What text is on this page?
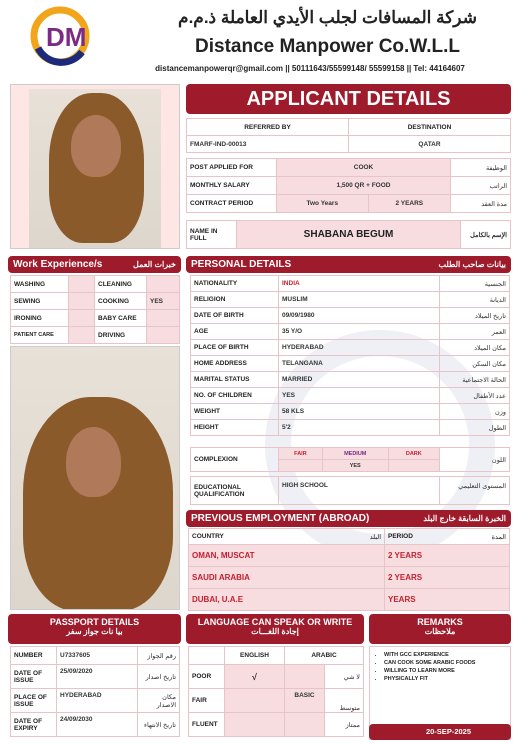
DM
شركة المسافات لجلب الأيدي العاملة ذ.م.م
Distance Manpower Co.W.L.L
distancemanpowerqr@gmail.com || 50111643/55599148/ 55599158 || Tel: 44164607
APPLICANT DETAILS
REFERRED BY	DESTINATION
FMARF-IND-00013	QATAR
POST APPLIED FOR	COOK		الوظيفة
MONTHLY SALARY	1,500 QR + FOOD		الراتب
CONTRACT PERIOD	Two Years	2 YEARS	مدة العقد
NAME IN FULL	SHABANA BEGUM	الإسم بالكامل
Work Experience/s	خبرات العمل
WASHING		CLEANING	
SEWING		COOKING	YES
IRONING		BABY CARE	
PATIENT CARE		DRIVING	
PERSONAL DETAILS	بيانات صاحب الطلب
NATIONALITY	INDIA	الجنسية
RELIGION	MUSLIM	الديانة
DATE OF BIRTH	09/09/1980	تاريخ الميلاد
AGE	35 Y/O	العمر
PLACE OF BIRTH	HYDERABAD	مكان الميلاد
HOME ADDRESS	TELANGANA	مكان السكن
MARITAL STATUS	MARRIED	الحالة الاجتماعية
NO. OF CHILDREN	YES	عدد الأطفال
WEIGHT	58 KLS	وزن
HEIGHT	5'2	الطول
COMPLEXION	FAIR	MEDIUM	DARK	اللون
		YES		
EDUCATIONAL QUALIFICATION	HIGH SCHOOL	المستوى التعليمي
PREVIOUS EMPLOYMENT (ABROAD)	الخبرة السابقة خارج البلد
COUNTRY البلد	PERIOD المدة

OMAN, MUSCAT	2 YEARS
SAUDI ARABIA	2 YEARS
DUBAI, U.A.E	YEARS
PASSPORT DETAILS
بيا نات جواز سفر
NUMBER	U7337605	رقم الجواز
DATE OF ISSUE	25/09/2020	تاريخ اصدار
PLACE OF ISSUE	HYDERABAD	مكان الاصدار
DATE OF EXPIRY	24/09/2030	تاريخ الانتهاء
LANGUAGE CAN SPEAK OR WRITE
إجادة اللغـــات
	ENGLISH	ARABIC	
POOR	√		لا شي
FAIR		BASIC	متوسط
FLUENT			ممتاز
REMARKS
ملاحظات
• WITH GCC EXPERIENCE
• CAN COOK SOME ARABIC FOODS
• WILLING TO LEARN MORE
• PHYSICALLY FIT
20-SEP-2025
